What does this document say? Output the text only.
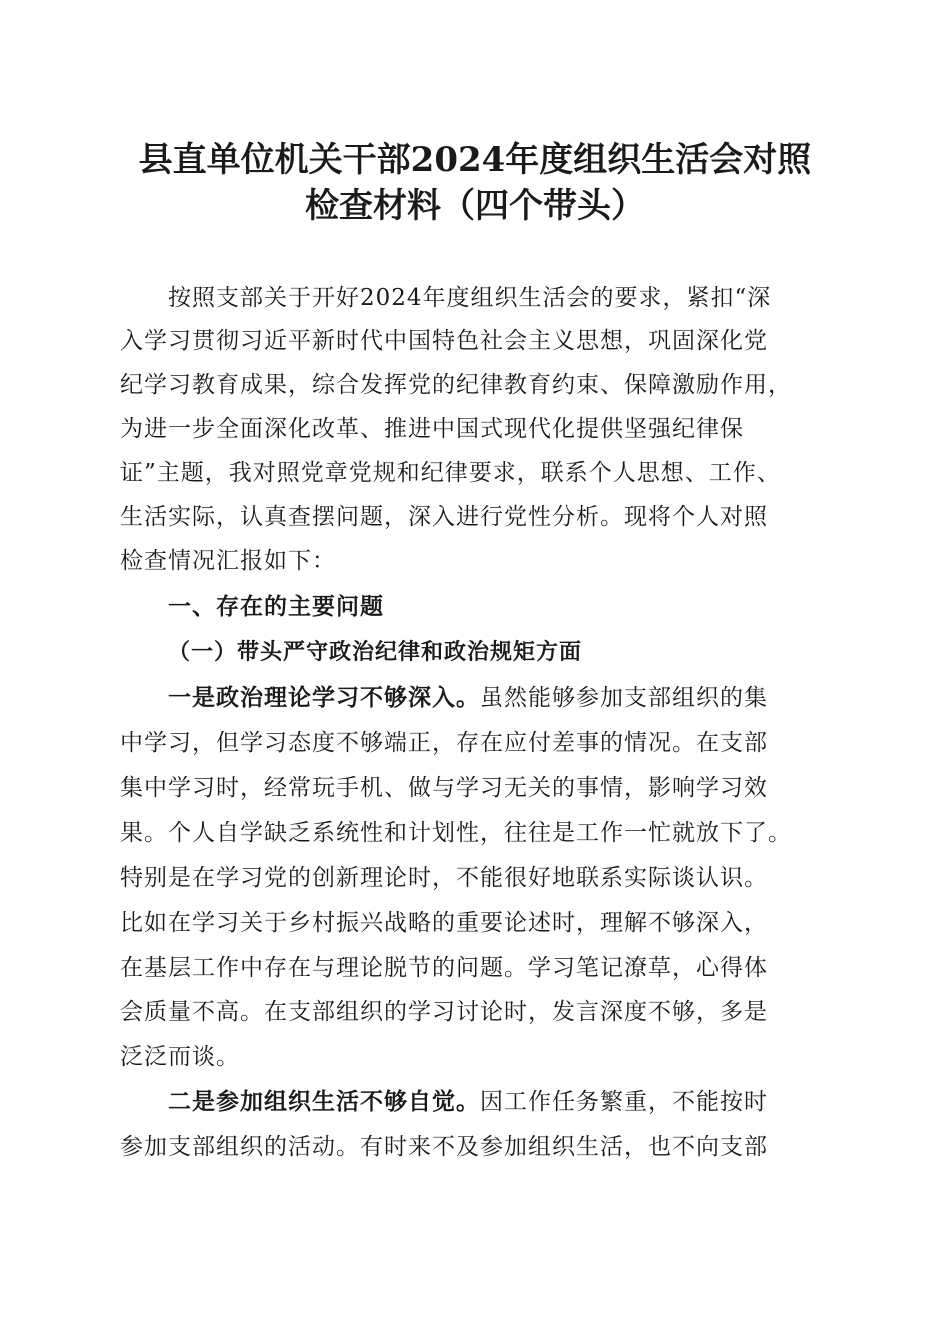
县直单位机关干部2024年度组织生活会对照
检查材料（四个带头）

按照支部关于开好2024年度组织生活会的要求，紧扣“深

入学习贯彻习近平新时代中国特色社会主义思想，巩固深化党

纪学习教育成果，综合发挥党的纪律教育约束、保障激励作用，

为进一步全面深化改革、推进中国式现代化提供坚强纪律保

证”主题，我对照党章党规和纪律要求，联系个人思想、工作、

生活实际，认真查摆问题，深入进行党性分析。现将个人对照

检查情况汇报如下：

一、存在的主要问题

（一）带头严守政治纪律和政治规矩方面

一是政治理论学习不够深入。虽然能够参加支部组织的集

中学习，但学习态度不够端正，存在应付差事的情况。在支部

集中学习时，经常玩手机、做与学习无关的事情，影响学习效

果。个人自学缺乏系统性和计划性，往往是工作一忙就放下了。

特别是在学习党的创新理论时，不能很好地联系实际谈认识。

比如在学习关于乡村振兴战略的重要论述时，理解不够深入，

在基层工作中存在与理论脱节的问题。学习笔记潦草，心得体

会质量不高。在支部组织的学习讨论时，发言深度不够，多是

泛泛而谈。

二是参加组织生活不够自觉。因工作任务繁重，不能按时

参加支部组织的活动。有时来不及参加组织生活，也不向支部
